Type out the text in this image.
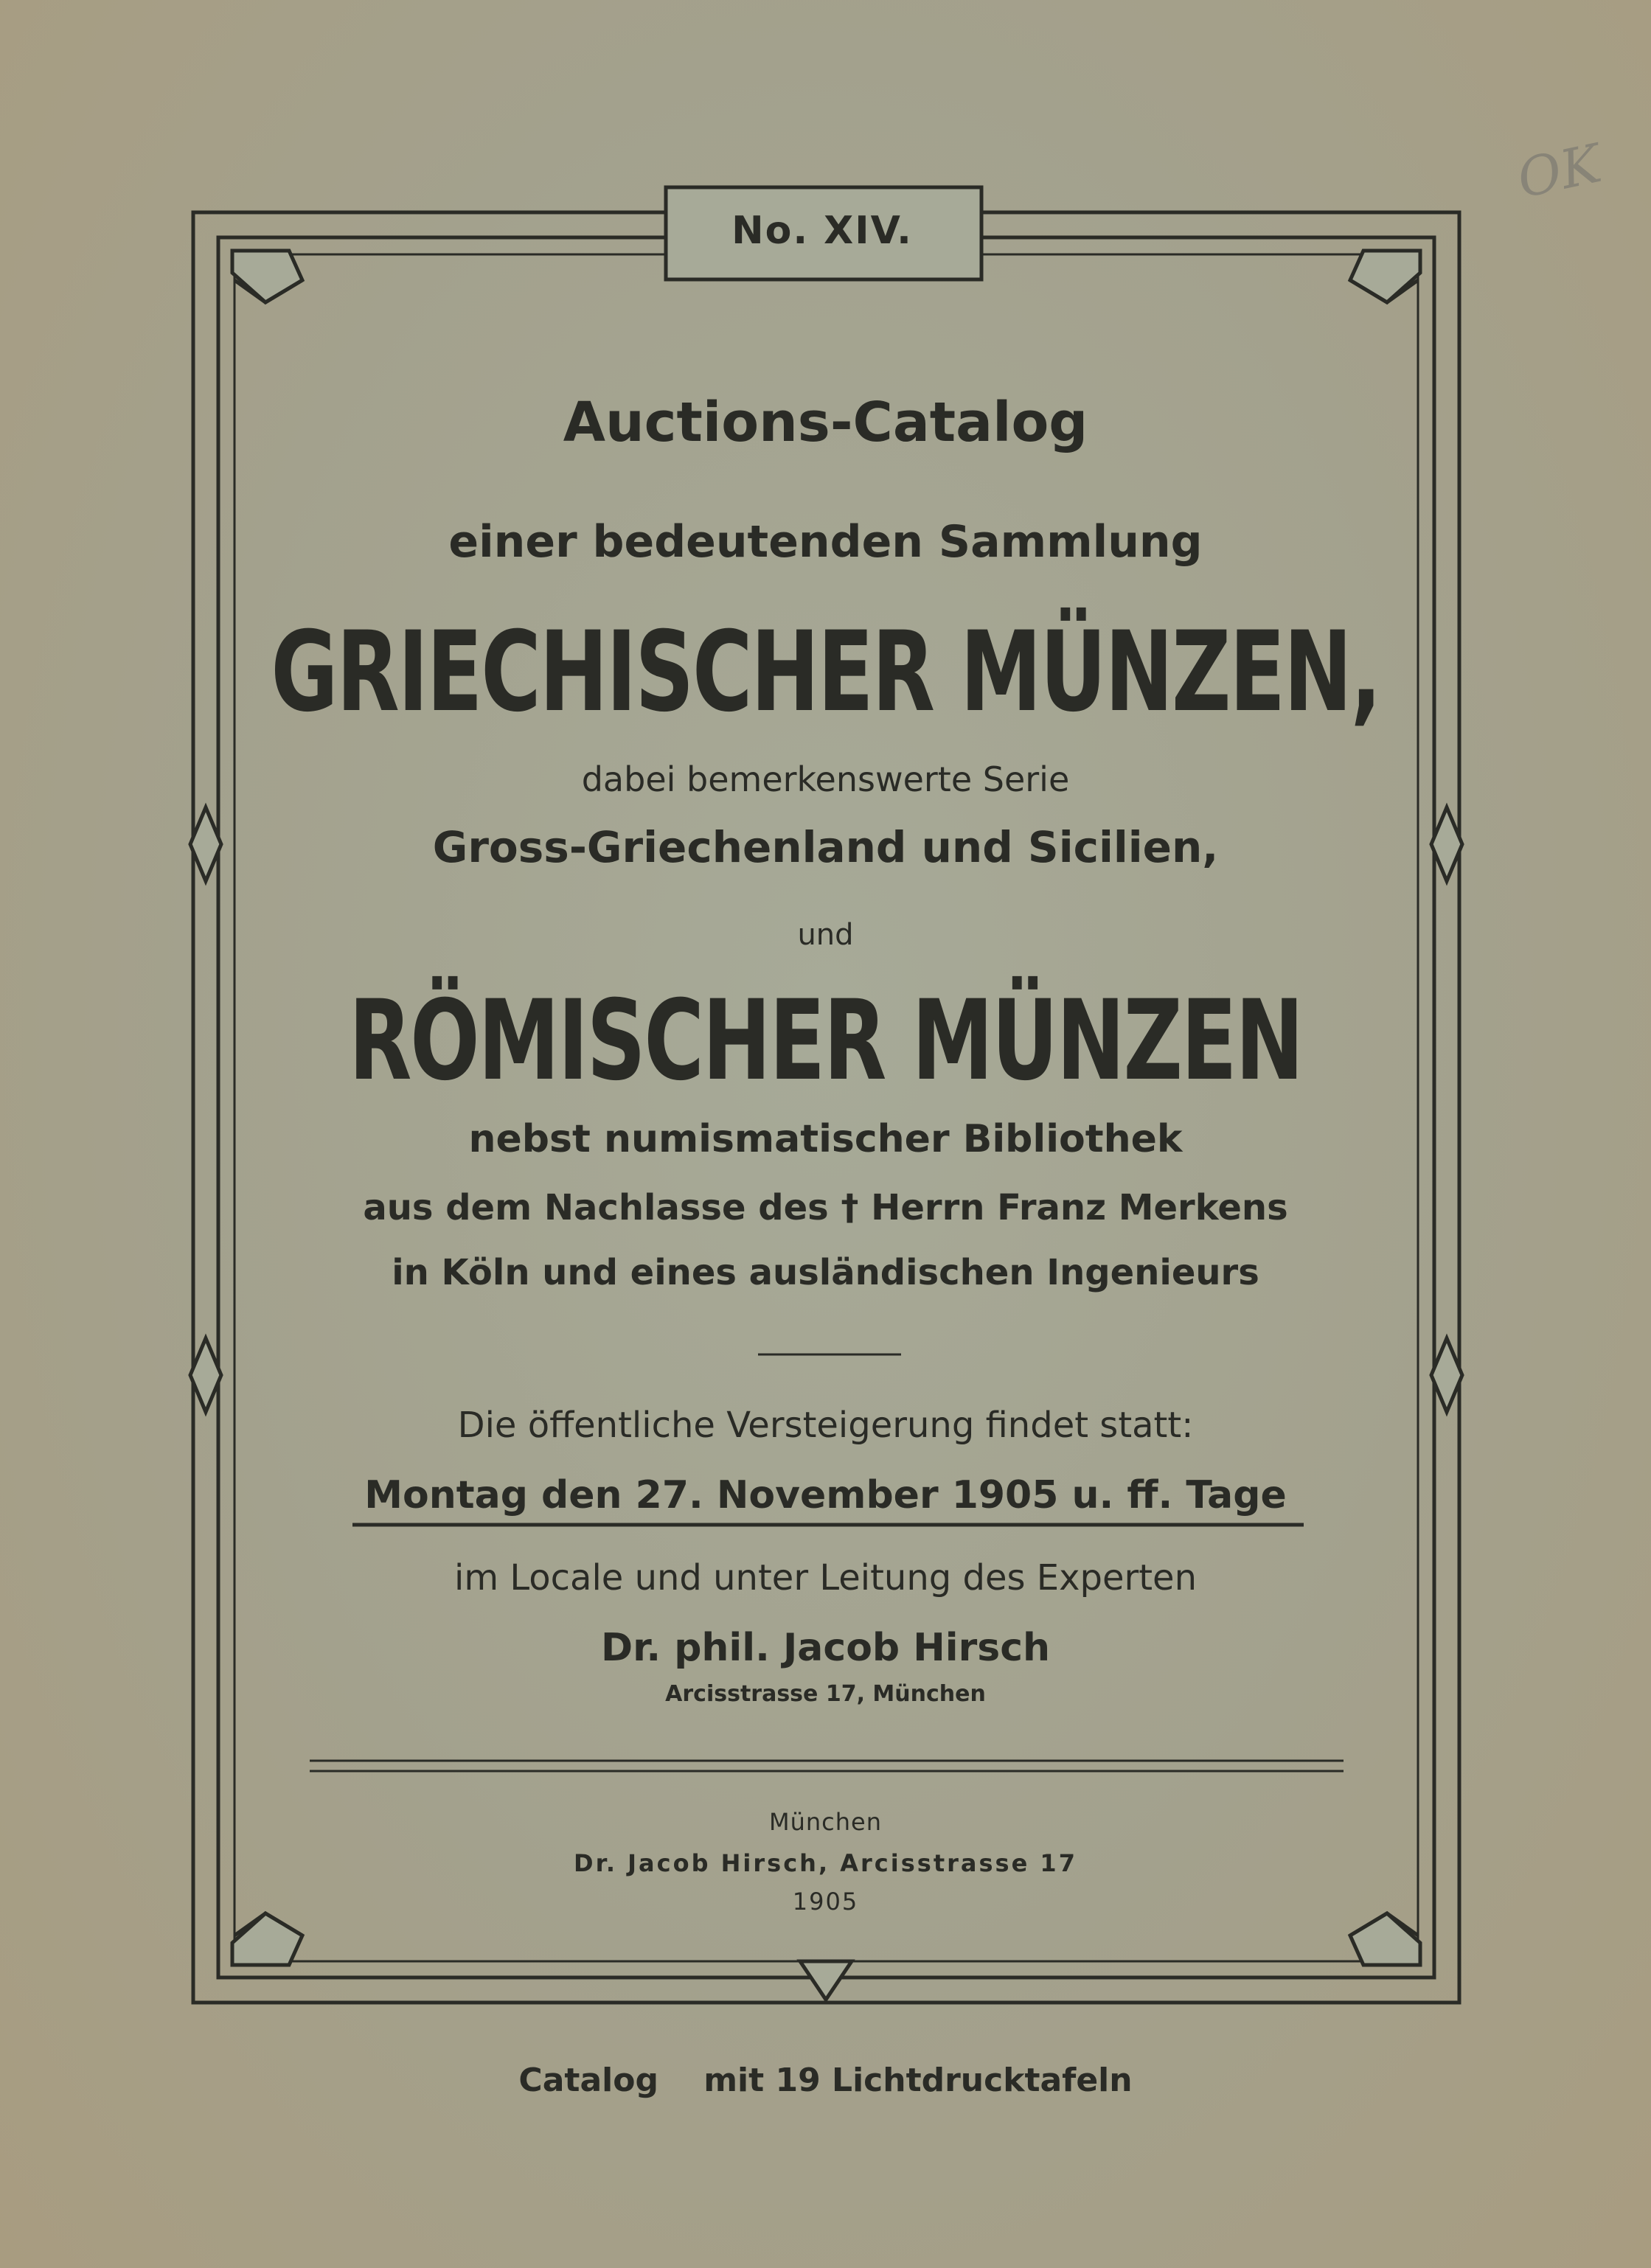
No. XIV.
Auctions-Catalog
einer bedeutenden Sammlung
GRIECHISCHER MÜNZEN,
dabei bemerkenswerte Serie
Gross-Griechenland und Sicilien,
und
RÖMISCHER MÜNZEN
nebst numismatischer Bibliothek
aus dem Nachlasse des † Herrn Franz Merkens
in Köln und eines ausländischen Ingenieurs
Die öffentliche Versteigerung findet statt:
Montag den 27. November 1905 u. ff. Tage
im Locale und unter Leitung des Experten
Dr. phil. Jacob Hirsch
Arcisstrasse 17, München
München
Dr. Jacob Hirsch, Arcisstrasse 17
1905
Catalog    mit 19 Lichtdrucktafeln
OK
